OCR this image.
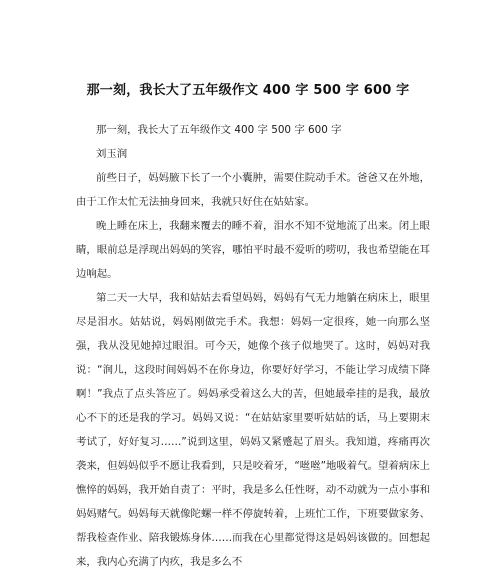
那一刻，我长大了五年级作文 400 字 500 字 600 字

那一刻，我长大了五年级作文 400 字 500 字 600 字

刘玉润

前些日子，妈妈腋下长了一个小囊肿，需要住院动手术。爸爸又在外地，由于工作太忙无法抽身回来，我就只好住在姑姑家。

晚上睡在床上，我翻来覆去的睡不着，泪水不知不觉地流了出来。闭上眼睛，眼前总是浮现出妈妈的笑容，哪怕平时最不爱听的唠叨，我也希望能在耳边响起。

第二天一大早，我和姑姑去看望妈妈，妈妈有气无力地躺在病床上，眼里尽是泪水。姑姑说，妈妈刚做完手术。我想：妈妈一定很疼，她一向那么坚强，我从没见她掉过眼泪。可今天，她像个孩子似地哭了。这时，妈妈对我说：“润儿，这段时间妈妈不在你身边，你要好好学习，不能让学习成绩下降啊！”我点了点头答应了。妈妈承受着这么大的苦，但她最牵挂的是我，最放心不下的还是我的学习。妈妈又说：“在姑姑家里要听姑姑的话，马上要期末考试了，好好复习……”说到这里，妈妈又紧蹙起了眉头。我知道，疼痛再次袭来，但妈妈似乎不愿让我看到，只是咬着牙，“咝咝”地吸着气。望着病床上憔悴的妈妈，我开始自责了：平时，我是多么任性呀，动不动就为一点小事和妈妈赌气。妈妈每天就像陀螺一样不停旋转着，上班忙工作，下班要做家务、帮我检查作业、陪我锻炼身体……而我在心里都觉得这是妈妈该做的。回想起来，我内心充满了内疚，我是多么不
